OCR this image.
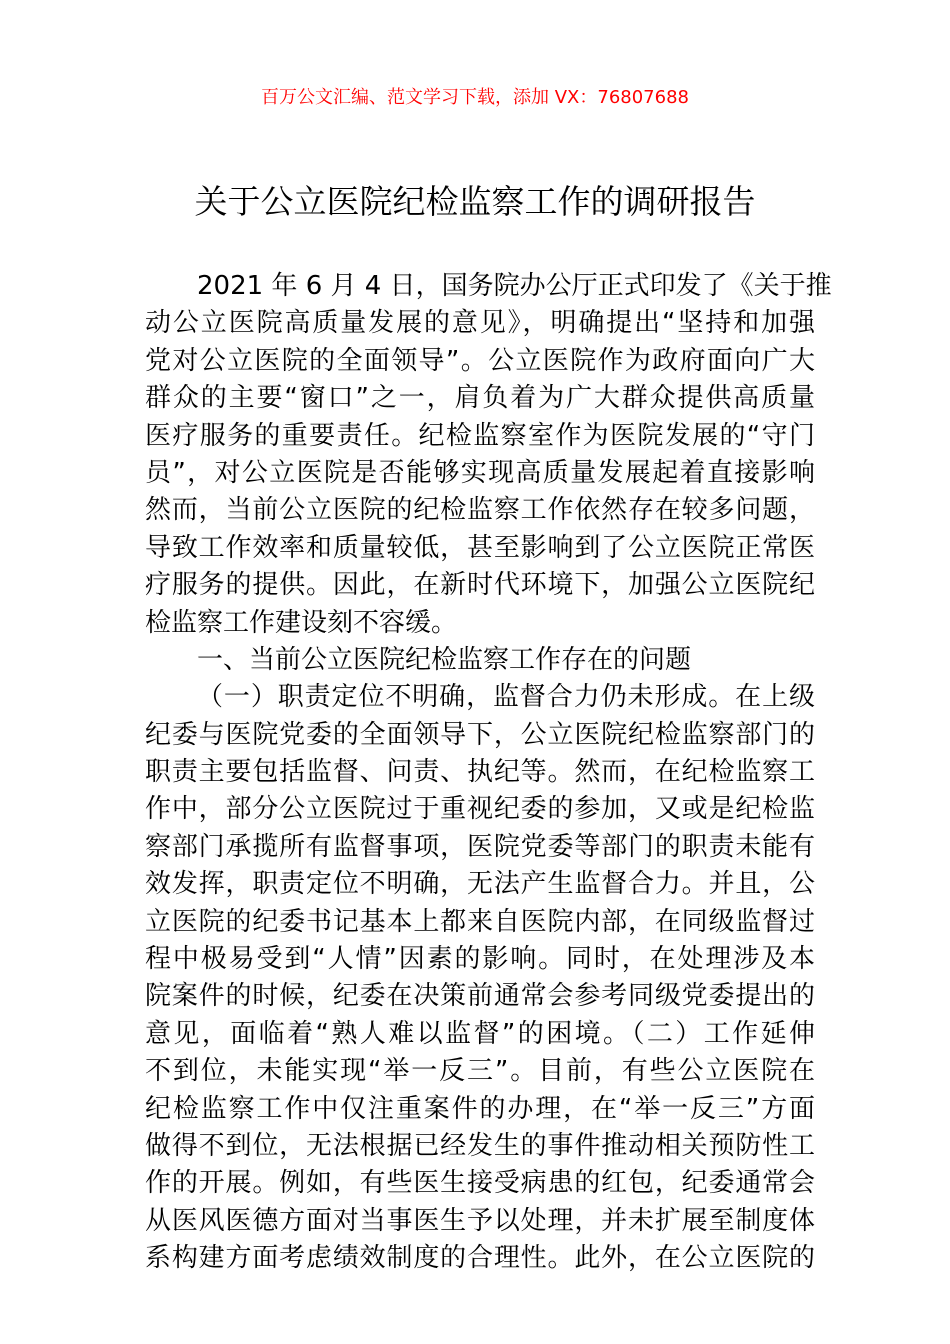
百万公文汇编、范文学习下载，添加 VX：76807688
关于公立医院纪检监察工作的调研报告
2021 年 6 月 4 日，国务院办公厅正式印发了《关于推
动公立医院高质量发展的意见》，明确提出“坚持和加强
党对公立医院的全面领导”。公立医院作为政府面向广大
群众的主要“窗口”之一，肩负着为广大群众提供高质量
医疗服务的重要责任。纪检监察室作为医院发展的“守门
员”，对公立医院是否能够实现高质量发展起着直接影响
然而，当前公立医院的纪检监察工作依然存在较多问题，
导致工作效率和质量较低，甚至影响到了公立医院正常医
疗服务的提供。因此，在新时代环境下，加强公立医院纪
检监察工作建设刻不容缓。
一、当前公立医院纪检监察工作存在的问题
（一）职责定位不明确，监督合力仍未形成。在上级
纪委与医院党委的全面领导下，公立医院纪检监察部门的
职责主要包括监督、问责、执纪等。然而，在纪检监察工
作中，部分公立医院过于重视纪委的参加，又或是纪检监
察部门承揽所有监督事项，医院党委等部门的职责未能有
效发挥，职责定位不明确，无法产生监督合力。并且，公
立医院的纪委书记基本上都来自医院内部，在同级监督过
程中极易受到“人情”因素的影响。同时，在处理涉及本
院案件的时候，纪委在决策前通常会参考同级党委提出的
意见，面临着“熟人难以监督”的困境。（二）工作延伸
不到位，未能实现“举一反三”。目前，有些公立医院在
纪检监察工作中仅注重案件的办理，在“举一反三”方面
做得不到位，无法根据已经发生的事件推动相关预防性工
作的开展。例如，有些医生接受病患的红包，纪委通常会
从医风医德方面对当事医生予以处理，并未扩展至制度体
系构建方面考虑绩效制度的合理性。此外，在公立医院的
